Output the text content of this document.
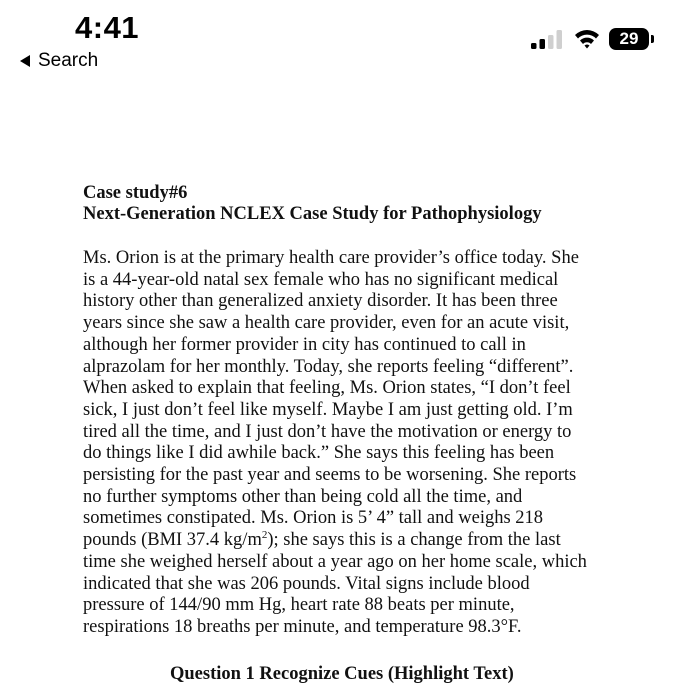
4:41
Search
29
Case study#6
Next-Generation NCLEX Case Study for Pathophysiology
Ms. Orion is at the primary health care provider’s office today. She
is a 44-year-old natal sex female who has no significant medical
history other than generalized anxiety disorder. It has been three
years since she saw a health care provider, even for an acute visit,
although her former provider in city has continued to call in
alprazolam for her monthly. Today, she reports feeling “different”.
When asked to explain that feeling, Ms. Orion states, “I don’t feel
sick, I just don’t feel like myself. Maybe I am just getting old. I’m
tired all the time, and I just don’t have the motivation or energy to
do things like I did awhile back.” She says this feeling has been
persisting for the past year and seems to be worsening. She reports
no further symptoms other than being cold all the time, and
sometimes constipated. Ms. Orion is 5’ 4” tall and weighs 218
pounds (BMI 37.4 $kg/m^2$); she says this is a change from the last
time she weighed herself about a year ago on her home scale, which
indicated that she was 206 pounds. Vital signs include blood
pressure of 144/90 mm Hg, heart rate 88 beats per minute,
respirations 18 breaths per minute, and temperature 98.3°F.
Question 1 Recognize Cues (Highlight Text)
